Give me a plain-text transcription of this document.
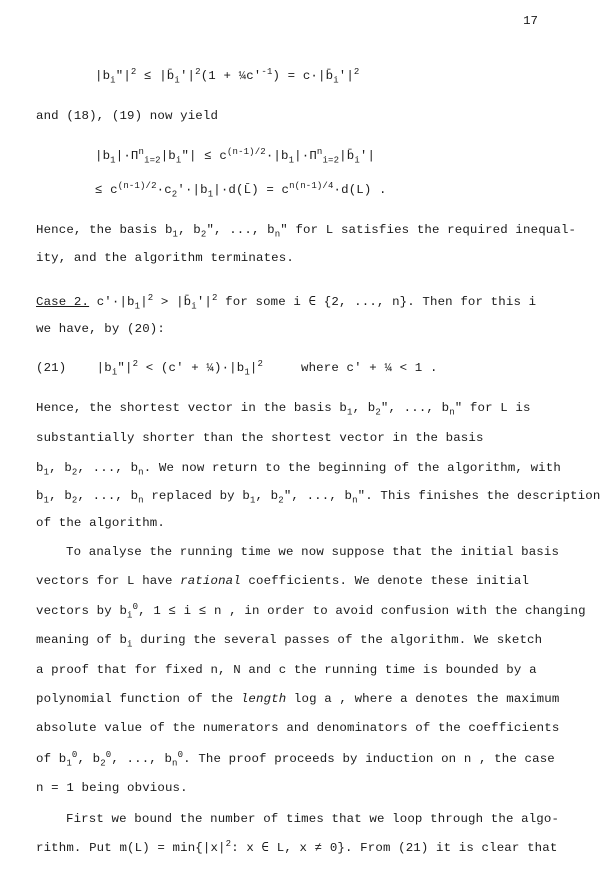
17
$|b_i"|^2$ ≤ $|b̄_i'|^2(1$ + $\frac{1}{4}c'^{-1}$) = $c\cdot|b̄_i'|^2$
and (18), (19) now yield
$|b_1|\cdot\Pi^n_{i=2}|b_i"|$ ≤ $c^{(n-1)/2}\cdot|b_1|\cdot\Pi^n_{i=2}|b̄_i'|$
≤ $c^{(n-1)/2}\cdot c_2'\cdot|b_1|\cdot d(L̄) = c^{n(n-1)/4}\cdot d(L)$ .
Hence, the basis $b_1$, $b_2$", ..., $b_n$" for L satisfies the required inequal-
ity, and the algorithm terminates.
Case 2. $c'\cdot|b_1|^2$ > $|b̄_i'|^2$ for some i ∈ {2, ..., n}. Then for this i
we have, by (20):
(21)    $|b_i"|^2 < (c'$ + $\frac{1}{4})\cdot|b_1|^2$     where c' + ¼ < 1 .
Hence, the shortest vector in the basis $b_1$, $b_2$", ..., $b_n$" for L is
substantially shorter than the shortest vector in the basis
$b_1$, $b_2$, ..., $b_n$. We now return to the beginning of the algorithm, with
$b_1$, $b_2$, ..., $b_n$ replaced by $b_1$, $b_2$", ..., $b_n$". This finishes the description
of the algorithm.
To analyse the running time we now suppose that the initial basis
vectors for L have rational coefficients. We denote these initial
vectors by $b_i^0$, 1 ≤ i ≤ n , in order to avoid confusion with the changing
meaning of $b_i$ during the several passes of the algorithm. We sketch
a proof that for fixed n, N and c the running time is bounded by a
polynomial function of the length log a , where a denotes the maximum
absolute value of the numerators and denominators of the coefficients
of $b_1^0$, $b_2^0$, ..., $b_n^0$. The proof proceeds by induction on n , the case
n = 1 being obvious.
First we bound the number of times that we loop through the algo-
rithm. Put $m(L) = \min\{|x|^2$: x ∈ L, x ≠ 0}. From (21) it is clear that
